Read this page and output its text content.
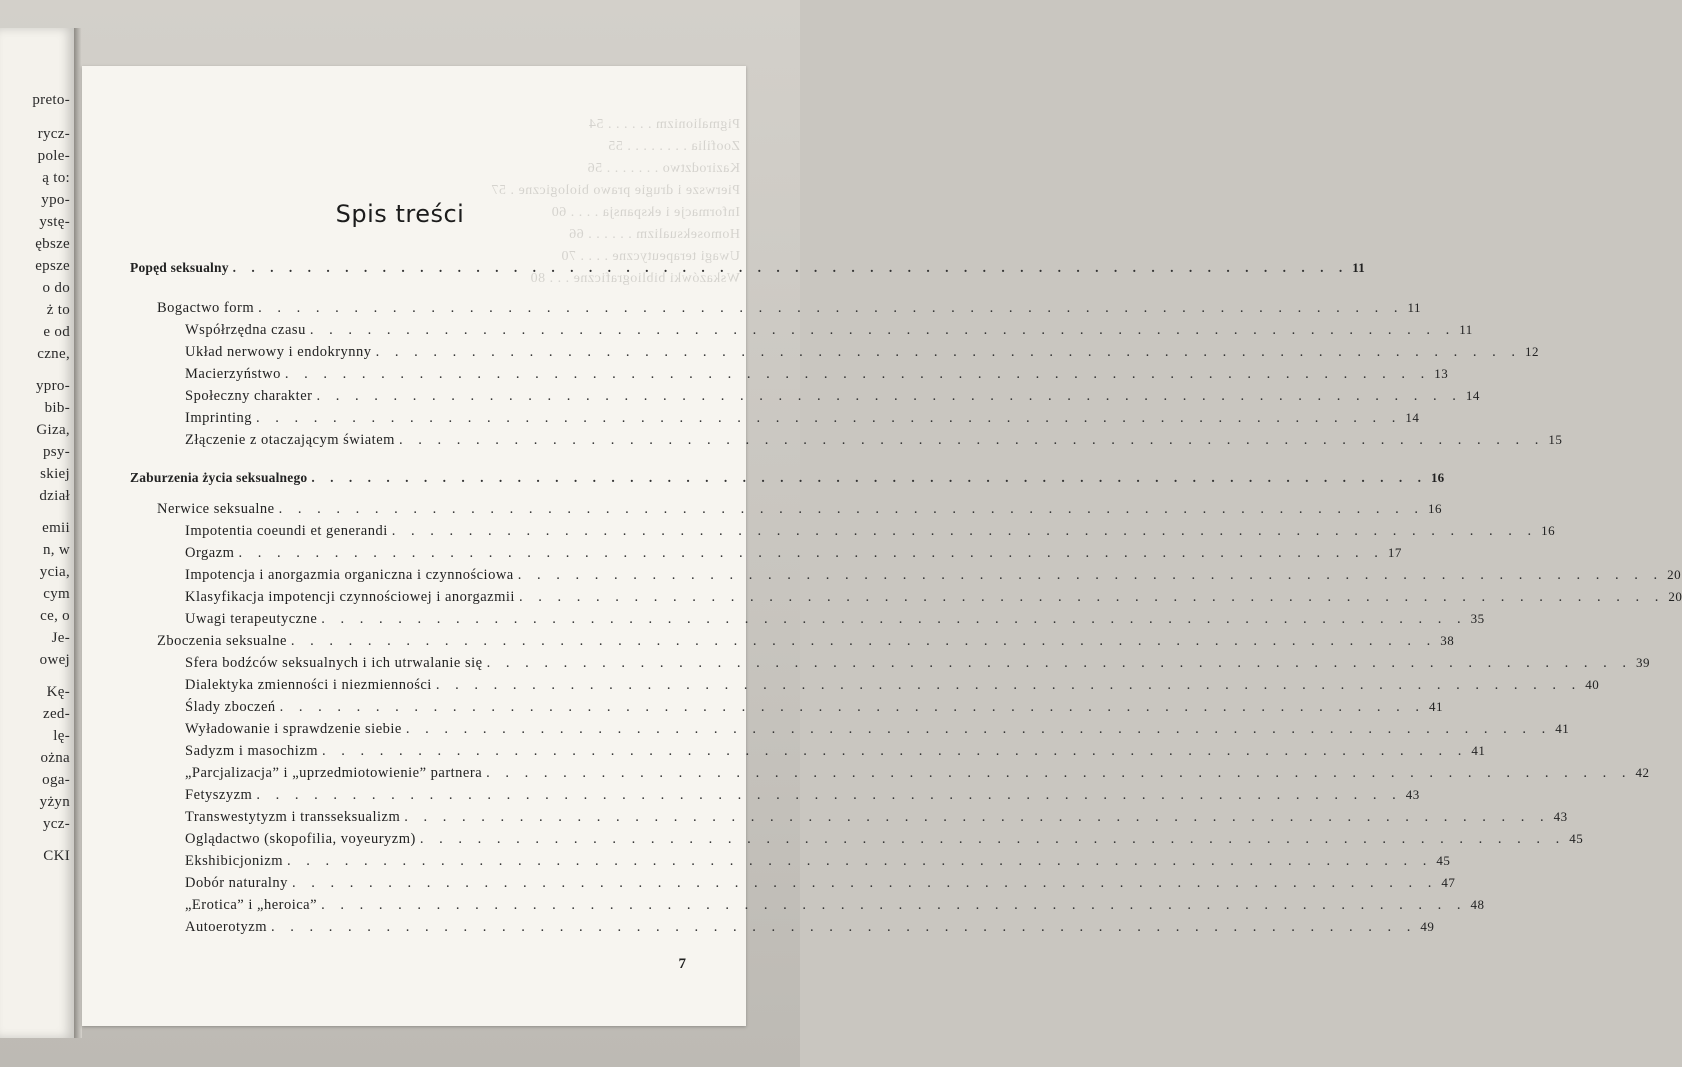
preto-
rycz-
pole-
ą to:
ypo-
ystę-
ębsze
epsze
o do
ż to
e od
czne,
ypro-
bib-
Giza,
psy-
skiej
dział
emii
n, w
ycia,
cym
ce, o
Je-
owej
Kę-
zed-
lę-
ożna
oga-
yżyn
ycz-
CKI
Pigmalionizm . . . . . . 54
Zoofilia . . . . . . . . 55
Kazirodztwo . . . . . . . 56
Pierwsze i drugie prawo biologiczne . 57
Informacje i ekspansja . . . . 60
Homoseksualizm . . . . . . 66
Uwagi terapeutyczne . . . . 70
Wskazówki bibliograficzne . . . 80
Spis treści
Popęd seksualny . . . . . . . . . . . . . . . . . . . . . . . . . . . . . . . . . . . . . . . . . . . . . . . . . . . . . . . . . . . . 11
Bogactwo form . . . . . . . . . . . . . . . . . . . . . . . . . . . . . . . . . . . . . . . . . . . . . . . . . . . . . . . . . . . . 11
Współrzędna czasu . . . . . . . . . . . . . . . . . . . . . . . . . . . . . . . . . . . . . . . . . . . . . . . . . . . . . . . . . . . . 11
Układ nerwowy i endokrynny . . . . . . . . . . . . . . . . . . . . . . . . . . . . . . . . . . . . . . . . . . . . . . . . . . . . . . . . . . . . 12
Macierzyństwo . . . . . . . . . . . . . . . . . . . . . . . . . . . . . . . . . . . . . . . . . . . . . . . . . . . . . . . . . . . . 13
Społeczny charakter . . . . . . . . . . . . . . . . . . . . . . . . . . . . . . . . . . . . . . . . . . . . . . . . . . . . . . . . . . . . 14
Imprinting . . . . . . . . . . . . . . . . . . . . . . . . . . . . . . . . . . . . . . . . . . . . . . . . . . . . . . . . . . . . 14
Złączenie z otaczającym światem . . . . . . . . . . . . . . . . . . . . . . . . . . . . . . . . . . . . . . . . . . . . . . . . . . . . . . . . . . . . 15
Zaburzenia życia seksualnego . . . . . . . . . . . . . . . . . . . . . . . . . . . . . . . . . . . . . . . . . . . . . . . . . . . . . . . . . . . . 16
Nerwice seksualne . . . . . . . . . . . . . . . . . . . . . . . . . . . . . . . . . . . . . . . . . . . . . . . . . . . . . . . . . . . . 16
Impotentia coeundi et generandi . . . . . . . . . . . . . . . . . . . . . . . . . . . . . . . . . . . . . . . . . . . . . . . . . . . . . . . . . . . . 16
Orgazm . . . . . . . . . . . . . . . . . . . . . . . . . . . . . . . . . . . . . . . . . . . . . . . . . . . . . . . . . . . . 17
Impotencja i anorgazmia organiczna i czynnościowa . . . . . . . . . . . . . . . . . . . . . . . . . . . . . . . . . . . . . . . . . . . . . . . . . . . . . . . . . . . . 20
Klasyfikacja impotencji czynnościowej i anorgazmii . . . . . . . . . . . . . . . . . . . . . . . . . . . . . . . . . . . . . . . . . . . . . . . . . . . . . . . . . . . . 20
Uwagi terapeutyczne . . . . . . . . . . . . . . . . . . . . . . . . . . . . . . . . . . . . . . . . . . . . . . . . . . . . . . . . . . . . 35
Zboczenia seksualne . . . . . . . . . . . . . . . . . . . . . . . . . . . . . . . . . . . . . . . . . . . . . . . . . . . . . . . . . . . . 38
Sfera bodźców seksualnych i ich utrwalanie się . . . . . . . . . . . . . . . . . . . . . . . . . . . . . . . . . . . . . . . . . . . . . . . . . . . . . . . . . . . . 39
Dialektyka zmienności i niezmienności . . . . . . . . . . . . . . . . . . . . . . . . . . . . . . . . . . . . . . . . . . . . . . . . . . . . . . . . . . . . 40
Ślady zboczeń . . . . . . . . . . . . . . . . . . . . . . . . . . . . . . . . . . . . . . . . . . . . . . . . . . . . . . . . . . . . 41
Wyładowanie i sprawdzenie siebie . . . . . . . . . . . . . . . . . . . . . . . . . . . . . . . . . . . . . . . . . . . . . . . . . . . . . . . . . . . . 41
Sadyzm i masochizm . . . . . . . . . . . . . . . . . . . . . . . . . . . . . . . . . . . . . . . . . . . . . . . . . . . . . . . . . . . . 41
„Parcjalizacja” i „uprzedmiotowienie” partnera . . . . . . . . . . . . . . . . . . . . . . . . . . . . . . . . . . . . . . . . . . . . . . . . . . . . . . . . . . . . 42
Fetyszyzm . . . . . . . . . . . . . . . . . . . . . . . . . . . . . . . . . . . . . . . . . . . . . . . . . . . . . . . . . . . . 43
Transwestytyzm i transseksualizm . . . . . . . . . . . . . . . . . . . . . . . . . . . . . . . . . . . . . . . . . . . . . . . . . . . . . . . . . . . . 43
Oglądactwo (skopofilia, voyeuryzm) . . . . . . . . . . . . . . . . . . . . . . . . . . . . . . . . . . . . . . . . . . . . . . . . . . . . . . . . . . . . 45
Ekshibicjonizm . . . . . . . . . . . . . . . . . . . . . . . . . . . . . . . . . . . . . . . . . . . . . . . . . . . . . . . . . . . . 45
Dobór naturalny . . . . . . . . . . . . . . . . . . . . . . . . . . . . . . . . . . . . . . . . . . . . . . . . . . . . . . . . . . . . 47
„Erotica” i „heroica” . . . . . . . . . . . . . . . . . . . . . . . . . . . . . . . . . . . . . . . . . . . . . . . . . . . . . . . . . . . . 48
Autoerotyzm . . . . . . . . . . . . . . . . . . . . . . . . . . . . . . . . . . . . . . . . . . . . . . . . . . . . . . . . . . . . 49
7
